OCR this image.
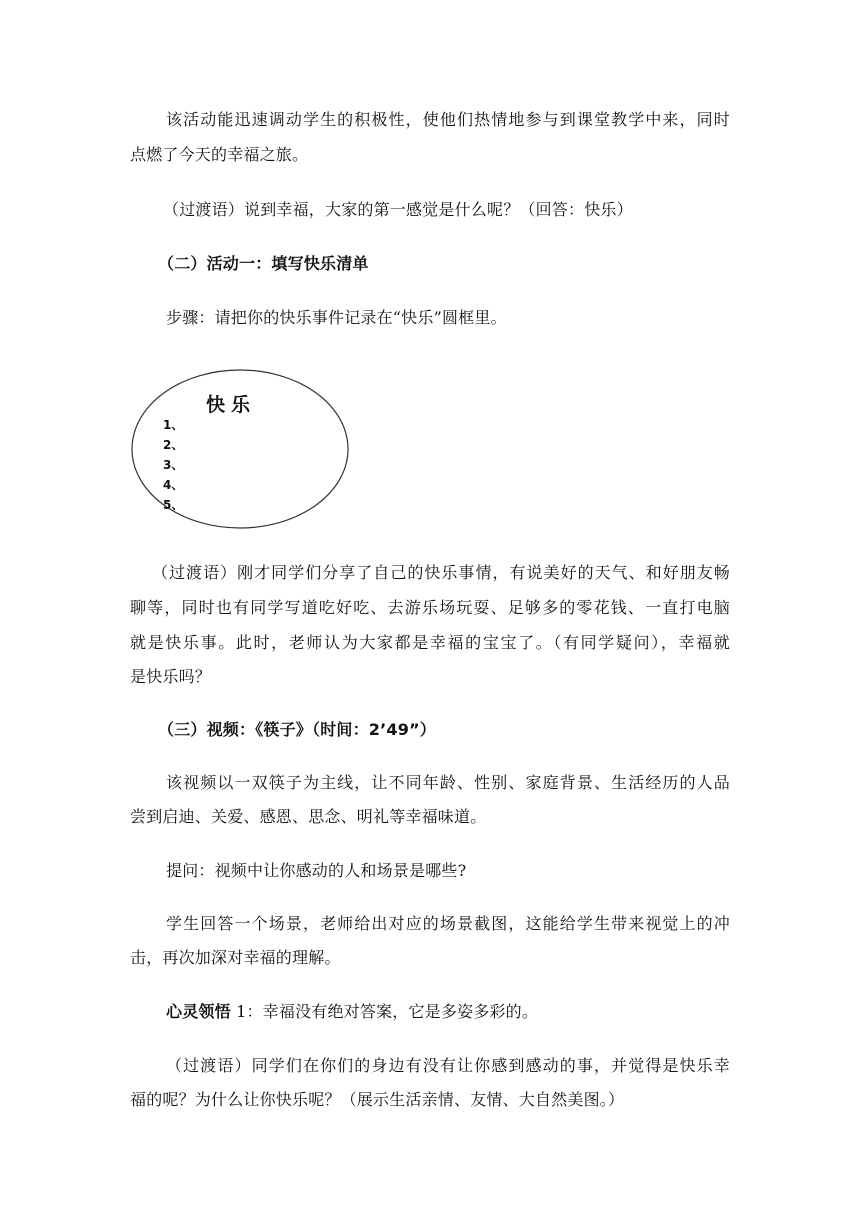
该活动能迅速调动学生的积极性，使他们热情地参与到课堂教学中来，同时
点燃了今天的幸福之旅。
（过渡语）说到幸福，大家的第一感觉是什么呢？（回答：快乐）
（二）活动一：填写快乐清单
步骤：请把你的快乐事件记录在“快乐”圆框里。
快乐
1、
2、
3、
4、
5、
（过渡语）刚才同学们分享了自己的快乐事情，有说美好的天气、和好朋友畅
聊等，同时也有同学写道吃好吃、去游乐场玩耍、足够多的零花钱、一直打电脑
就是快乐事。此时，老师认为大家都是幸福的宝宝了。（有同学疑问），幸福就
是快乐吗？
（三）视频：《筷子》（时间：2’49”）
该视频以一双筷子为主线，让不同年龄、性别、家庭背景、生活经历的人品
尝到启迪、关爱、感恩、思念、明礼等幸福味道。
提问：视频中让你感动的人和场景是哪些?
学生回答一个场景，老师给出对应的场景截图，这能给学生带来视觉上的冲
击，再次加深对幸福的理解。
心灵领悟 1：幸福没有绝对答案，它是多姿多彩的。
（过渡语）同学们在你们的身边有没有让你感到感动的事，并觉得是快乐幸
福的呢？为什么让你快乐呢？（展示生活亲情、友情、大自然美图。）
